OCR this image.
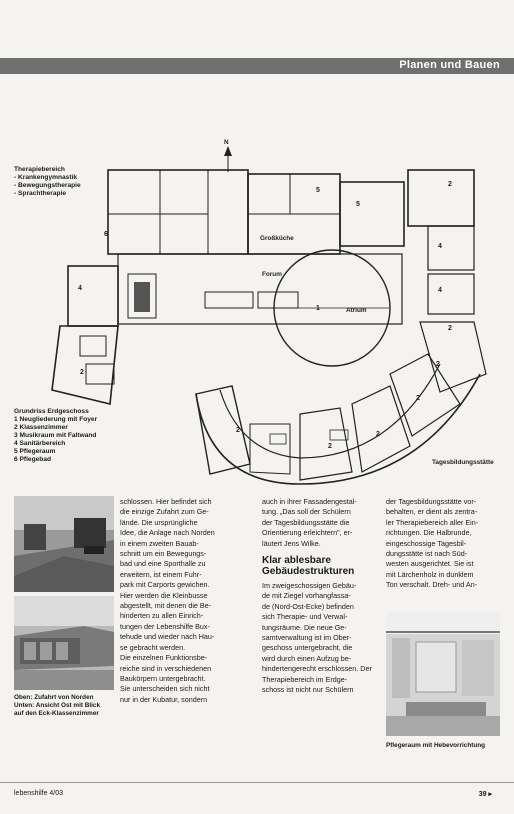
Planen und Bauen
2
2
2
1
2
2
2
2
2
5
5
6
4
4
4
Großküche
Forum
Atrium
Tagesbildungsstätte
N
Therapiebereich
- Krankengymnastik
- Bewegungstherapie
- Sprachtherapie
Grundriss Erdgeschoss
1 Neugliederung mit Foyer
2 Klassenzimmer
3 Musikraum mit Faltwand
4 Sanitärbereich
5 Pflegeraum
6 Pflegebad
Oben: Zufahrt von Norden
Unten: Ansicht Ost mit Blick
auf den Eck-Klassenzimmer

schlossen. Hier befindet sich

die einzige Zufahrt zum Ge-

lände. Die ursprüngliche

Idee, die Anlage nach Norden

in einem zweiten Bauab-

schnitt um ein Bewegungs-

bad und eine Sporthalle zu

erweitern, ist einem Fuhr-

park mit Carports gewichen.

Hier werden die Kleinbusse

abgestellt, mit denen die Be-

hinderten zu allen Einrich-

tungen der Lebenshilfe Bux-

tehude und wieder nach Hau-

se gebracht werden.

Die einzelnen Funktionsbe-

reiche sind in verschiedenen

Baukörpern untergebracht.

Sie unterscheiden sich nicht

nur in der Kubatur, sondern

auch in ihrer Fassadengestal-

tung. „Das soll der Schülern

der Tagesbildungsstätte die

Orientierung erleichtern", er-

läutert Jens Wilke.

Klar ablesbare
Gebäudestrukturen

Im zweigeschossigen Gebäu-

de mit Ziegel vorhangfassa-

de (Nord-Ost-Ecke) befinden

sich Therapie- und Verwal-

tungsräume. Die neue Ge-

samtverwaltung ist im Ober-

geschoss untergebracht, die

wird durch einen Aufzug be-

hindertengerecht erschlossen. Der

Therapiebereich im Erdge-

schoss ist nicht nur Schülern

der Tagesbildungsstätte vor-

behalten, er dient als zentra-

ler Therapiebereich aller Ein-

richtungen. Die Halbrunde,

eingeschossige Tagesbil-

dungsstätte ist nach Süd-

westen ausgerichtet. Sie ist

mit Lärchenholz in dunklem

Ton verschalt. Dreh- und An-

Pflegeraum mit Hebevorrichtung
lebenshilfe 4/03	39 ▸
